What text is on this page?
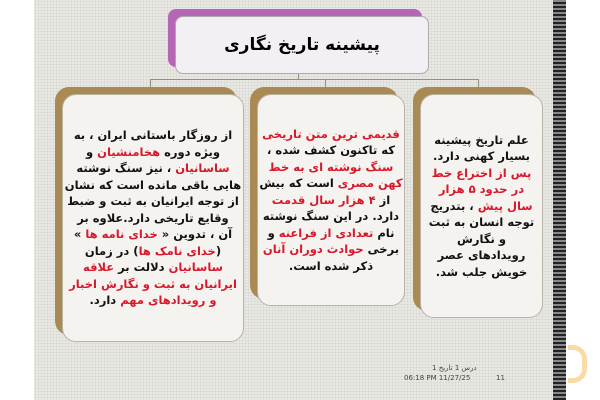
پیشینه تاریخ نگاری
از روزگار باستانی ایران ، به
ویژه دوره هخامنشیان و
ساسانیان ، نیز سنگ نوشته
هایی باقی مانده است که نشان
از توجه ایرانیان به ثبت و ضبط
وقایع تاریخی دارد.علاوه بر
آن ، تدوین « خدای نامه ها »
(خدای نامک ها) در زمان
ساسانیان دلالت بر علاقه
ایرانیان به ثبت و نگارش اخبار
و رویدادهای مهم دارد.
قدیمی ترین متن تاریخی
که تاکنون کشف شده ،
سنگ نوشته ای به خط
کهن مصری است که بیش
از ۴ هزار سال قدمت
دارد. در این سنگ نوشته
نام تعدادی از فراعنه و
برخی حوادث دوران آنان
ذکر شده است.
علم تاریخ پیشینه
بسیار کهنی دارد.
پس از اختراع خط
در حدود ۵ هزار
سال پیش ، بتدریج
توجه انسان به ثبت
و نگارش
رویدادهای عصر
خویش جلب شد.
درس 1 تاریخ 1
06:18 PM 11/27/25	11
